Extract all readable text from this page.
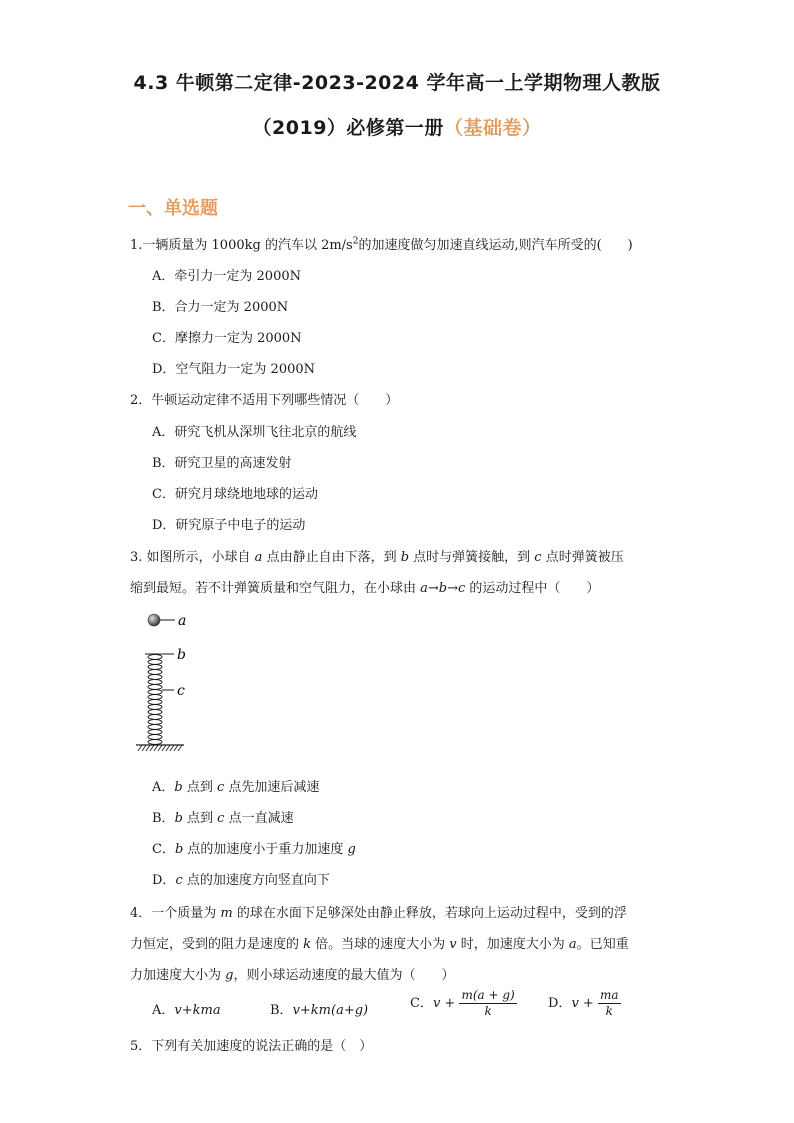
4.3 牛顿第二定律-2023-2024 学年高一上学期物理人教版
（2019）必修第一册（基础卷）
一、单选题
1.一辆质量为 1000kg 的汽车以 $2m/s^2$的加速度做匀加速直线运动,则汽车所受的(　　)
A．牵引力一定为 2000N
B．合力一定为 2000N
C．摩擦力一定为 2000N
D．空气阻力一定为 2000N
2．牛顿运动定律不适用下列哪些情况（　　）
A．研究飞机从深圳飞往北京的航线
B．研究卫星的高速发射
C．研究月球绕地地球的运动
D．研究原子中电子的运动
3. 如图所示，小球自 a 点由静止自由下落，到 b 点时与弹簧接触，到 c 点时弹簧被压
缩到最短。若不计弹簧质量和空气阻力，在小球由 a→b→c 的运动过程中（　　）
a
b
c
A．b 点到 c 点先加速后减速
B．b 点到 c 点一直减速
C．b 点的加速度小于重力加速度 g
D．c 点的加速度方向竖直向下
4．一个质量为 m 的球在水面下足够深处由静止释放，若球向上运动过程中，受到的浮
力恒定，受到的阻力是速度的 k 倍。当球的速度大小为 v 时，加速度大小为 a。已知重
力加速度大小为 g，则小球运动速度的最大值为（　　）
A．v+kma	B．v+km(a+g)	C．$v + \frac{m(a + g)}{k}$ D．$v + \frac{ma}{k}$
5．下列有关加速度的说法正确的是（　）
